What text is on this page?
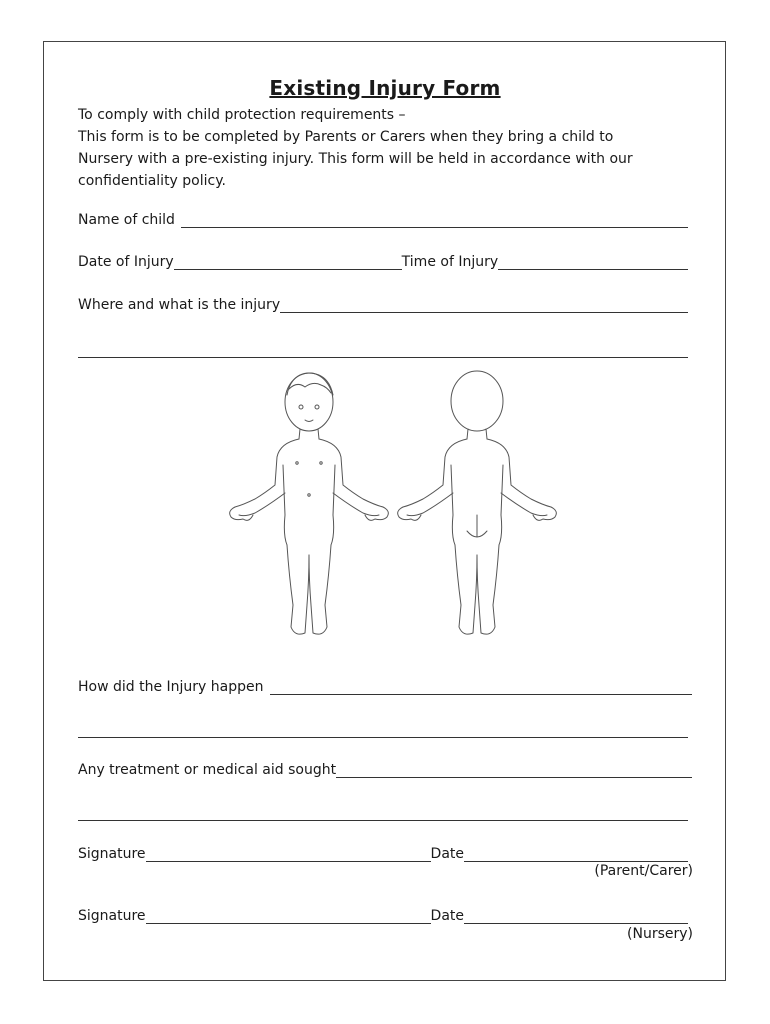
Existing Injury Form
To comply with child protection requirements –
This form is to be completed by Parents or Carers when they bring a child to
Nursery with a pre-existing injury. This form will be held in accordance with our
confidentiality policy.
Name of child
Date of Injury	Time of Injury
Where and what is the injury
How did the Injury happen
Any treatment or medical aid sought
Signature	Date
(Parent/Carer)
Signature	Date
(Nursery)
